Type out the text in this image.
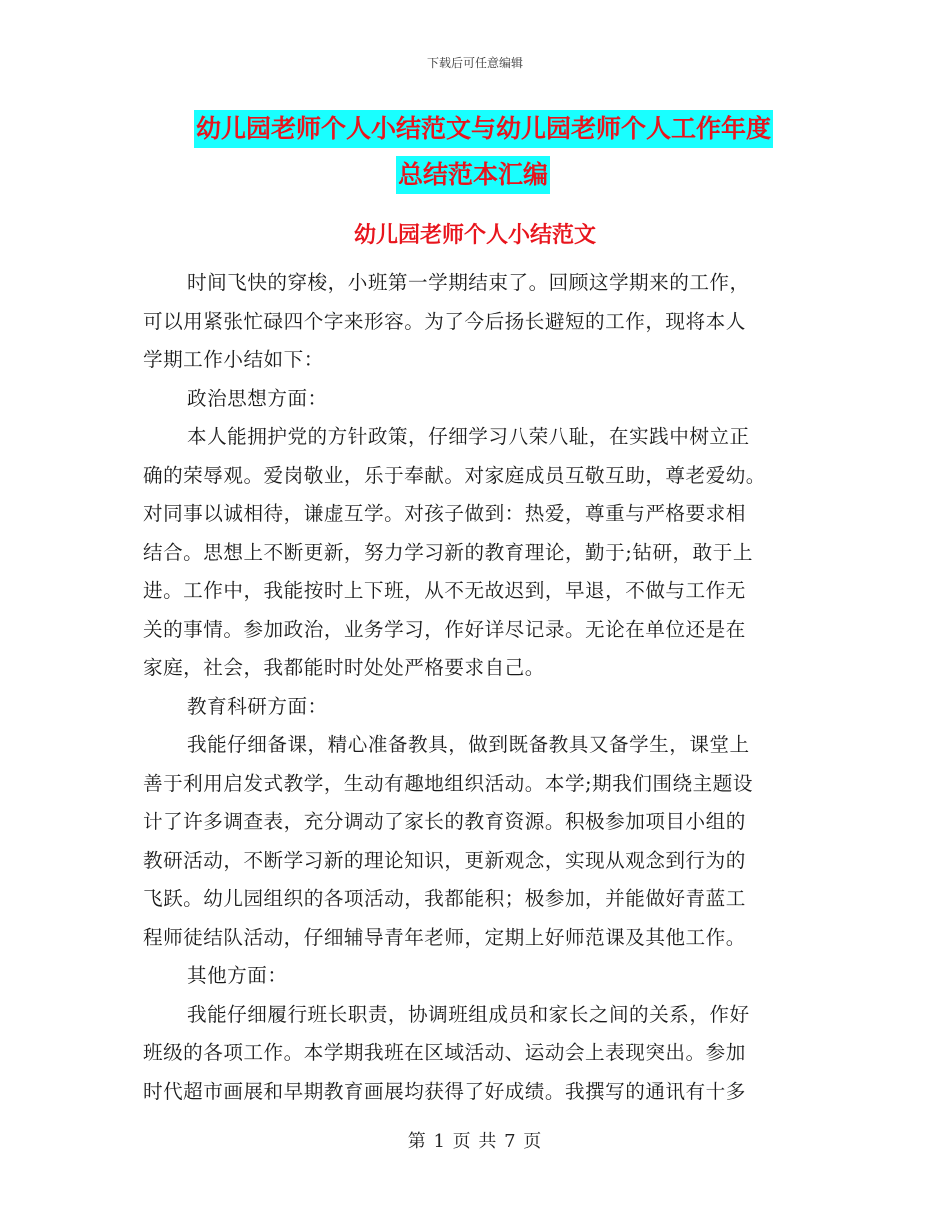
下载后可任意编辑
幼儿园老师个人小结范文与幼儿园老师个人工作年度
总结范本汇编
幼儿园老师个人小结范文

时间飞快的穿梭，小班第一学期结束了。回顾这学期来的工作，
可以用紧张忙碌四个字来形容。为了今后扬长避短的工作，现将本人
学期工作小结如下：

政治思想方面：

本人能拥护党的方针政策，仔细学习八荣八耻，在实践中树立正
确的荣辱观。爱岗敬业，乐于奉献。对家庭成员互敬互助，尊老爱幼。
对同事以诚相待，谦虚互学。对孩子做到：热爱，尊重与严格要求相
结合。思想上不断更新，努力学习新的教育理论，勤于;钻研，敢于上
进。工作中，我能按时上下班，从不无故迟到，早退，不做与工作无
关的事情。参加政治，业务学习，作好详尽记录。无论在单位还是在
家庭，社会，我都能时时处处严格要求自己。

教育科研方面：

我能仔细备课，精心准备教具，做到既备教具又备学生，课堂上
善于利用启发式教学，生动有趣地组织活动。本学;期我们围绕主题设
计了许多调查表，充分调动了家长的教育资源。积极参加项目小组的
教研活动，不断学习新的理论知识，更新观念，实现从观念到行为的
飞跃。幼儿园组织的各项活动，我都能积；极参加，并能做好青蓝工
程师徒结队活动，仔细辅导青年老师，定期上好师范课及其他工作。

其他方面：

我能仔细履行班长职责，协调班组成员和家长之间的关系，作好
班级的各项工作。本学期我班在区域活动、运动会上表现突出。参加
时代超市画展和早期教育画展均获得了好成绩。我撰写的通讯有十多

第 1 页 共 7 页
